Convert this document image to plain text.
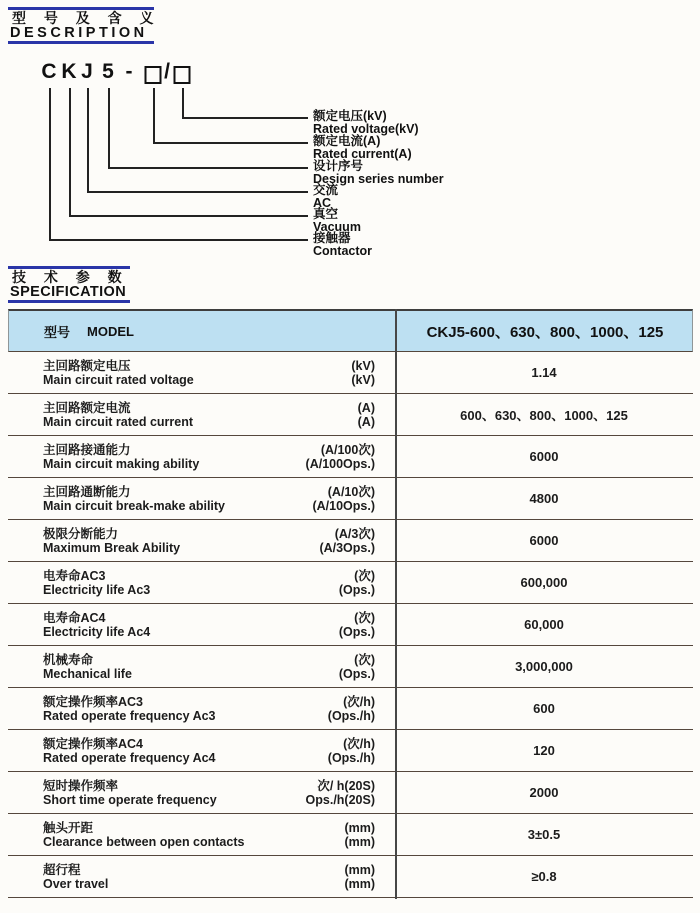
型 号 及 含 义
DESCRIPTION
C K J 5 - /
额定电压(kV)
Rated voltage(kV)
额定电流(A)
Rated current(A)
设计序号
Design series number
交流
AC
真空
Vacuum
接触器
Contactor
技 术 参 数
SPECIFICATION
型号 MODEL	CKJ5-600、630、800、1000、125
主回路额定电压
Main circuit rated voltage
(kV)
(kV)	1.14
主回路额定电流
Main circuit rated current
(A)
(A)	600、630、800、1000、125
主回路接通能力
Main circuit making ability
(A/100次)
(A/100Ops.)	6000
主回路通断能力
Main circuit break-make ability
(A/10次)
(A/10Ops.)	4800
极限分断能力
Maximum Break Ability
(A/3次)
(A/3Ops.)	6000
电寿命AC3
Electricity life Ac3
(次)
(Ops.)	600,000
电寿命AC4
Electricity life Ac4
(次)
(Ops.)	60,000
机械寿命
Mechanical life
(次)
(Ops.)	3,000,000
额定操作频率AC3
Rated operate frequency Ac3
(次/h)
(Ops./h)	600
额定操作频率AC4
Rated operate frequency Ac4
(次/h)
(Ops./h)	120
短时操作频率
Short time operate frequency
次/ h(20S)
Ops./h(20S)	2000
触头开距
Clearance between open contacts
(mm)
(mm)	3±0.5
超行程
Over travel
(mm)
(mm)	≥0.8
